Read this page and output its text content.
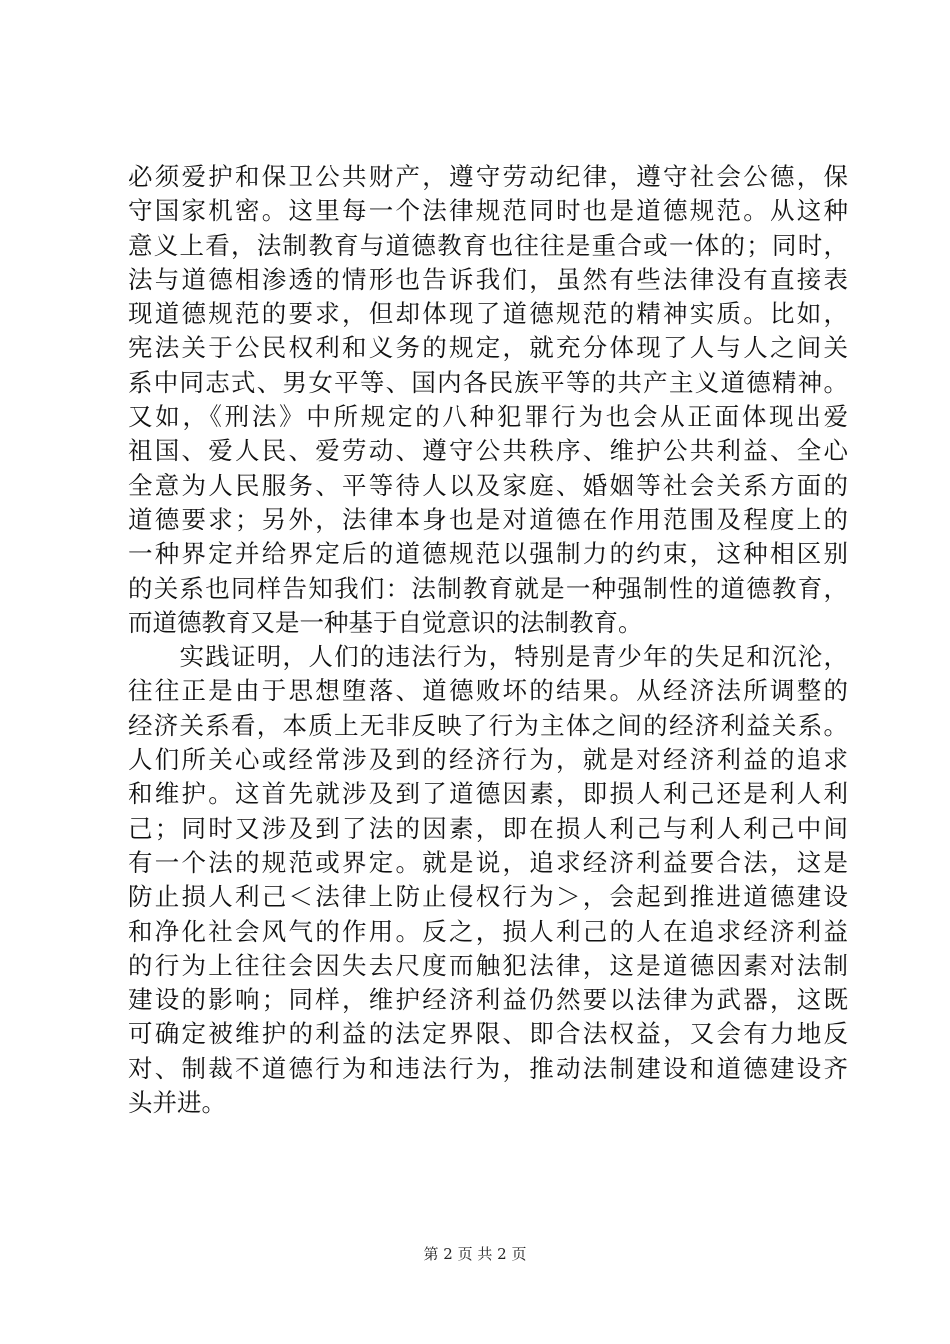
必须爱护和保卫公共财产，遵守劳动纪律，遵守社会公德，保
守国家机密。这里每一个法律规范同时也是道德规范。从这种
意义上看，法制教育与道德教育也往往是重合或一体的；同时，
法与道德相渗透的情形也告诉我们，虽然有些法律没有直接表
现道德规范的要求，但却体现了道德规范的精神实质。比如，
宪法关于公民权利和义务的规定，就充分体现了人与人之间关
系中同志式、男女平等、国内各民族平等的共产主义道德精神。
又如，《刑法》中所规定的八种犯罪行为也会从正面体现出爱
祖国、爱人民、爱劳动、遵守公共秩序、维护公共利益、全心
全意为人民服务、平等待人以及家庭、婚姻等社会关系方面的
道德要求；另外，法律本身也是对道德在作用范围及程度上的
一种界定并给界定后的道德规范以强制力的约束，这种相区别
的关系也同样告知我们：法制教育就是一种强制性的道德教育，
而道德教育又是一种基于自觉意识的法制教育。
　　实践证明，人们的违法行为，特别是青少年的失足和沉沦，
往往正是由于思想堕落、道德败坏的结果。从经济法所调整的
经济关系看，本质上无非反映了行为主体之间的经济利益关系。
人们所关心或经常涉及到的经济行为，就是对经济利益的追求
和维护。这首先就涉及到了道德因素，即损人利己还是利人利
己；同时又涉及到了法的因素，即在损人利己与利人利己中间
有一个法的规范或界定。就是说，追求经济利益要合法，这是
防止损人利己＜法律上防止侵权行为＞，会起到推进道德建设
和净化社会风气的作用。反之，损人利己的人在追求经济利益
的行为上往往会因失去尺度而触犯法律，这是道德因素对法制
建设的影响；同样，维护经济利益仍然要以法律为武器，这既
可确定被维护的利益的法定界限、即合法权益，又会有力地反
对、制裁不道德行为和违法行为，推动法制建设和道德建设齐
头并进。
第 2 页 共 2 页
